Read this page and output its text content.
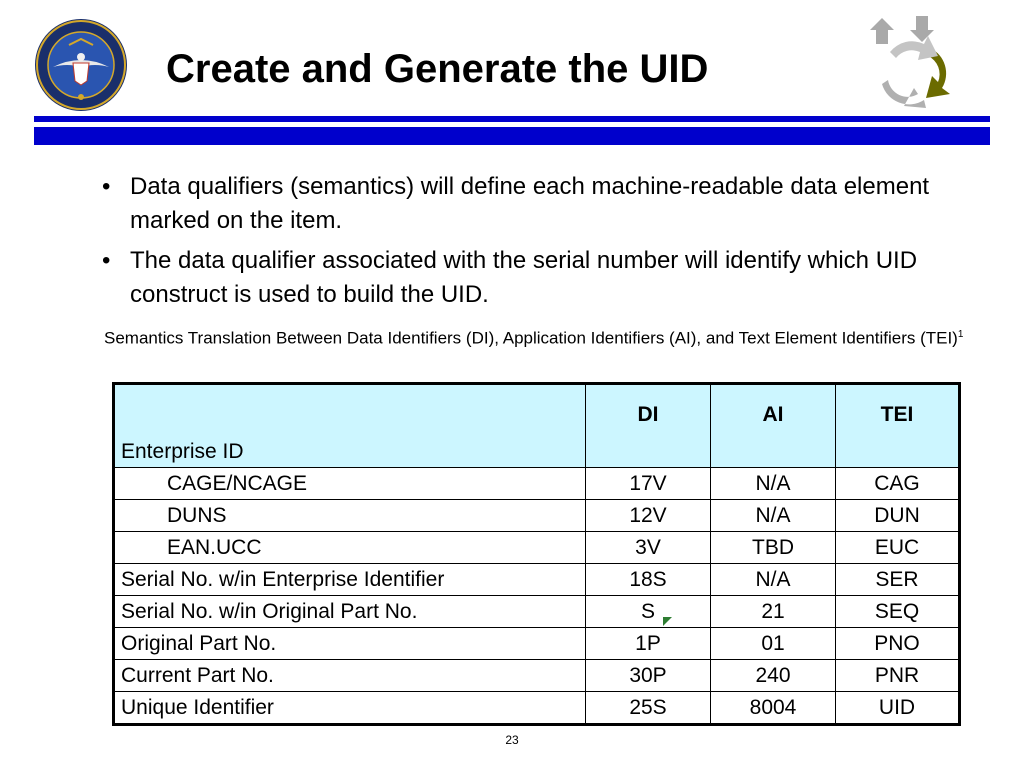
Create and Generate the UID
• Data qualifiers (semantics) will define each machine-readable data element marked on the item.
• The data qualifier associated with the serial number will identify which UID construct is used to build the UID.

Semantics Translation Between Data Identifiers (DI), Application Identifiers (AI), and Text Element Identifiers (TEI)$^1$

Enterprise ID	DI	AI	TEI
CAGE/NCAGE	17V	N/A	CAG
DUNS	12V	N/A	DUN
EAN.UCC	3V	TBD	EUC
Serial No. w/in Enterprise Identifier	18S	N/A	SER
Serial No. w/in Original Part No.	S	21	SEQ
Original Part No.	1P	01	PNO
Current Part No.	30P	240	PNR
Unique Identifier	25S	8004	UID
23
